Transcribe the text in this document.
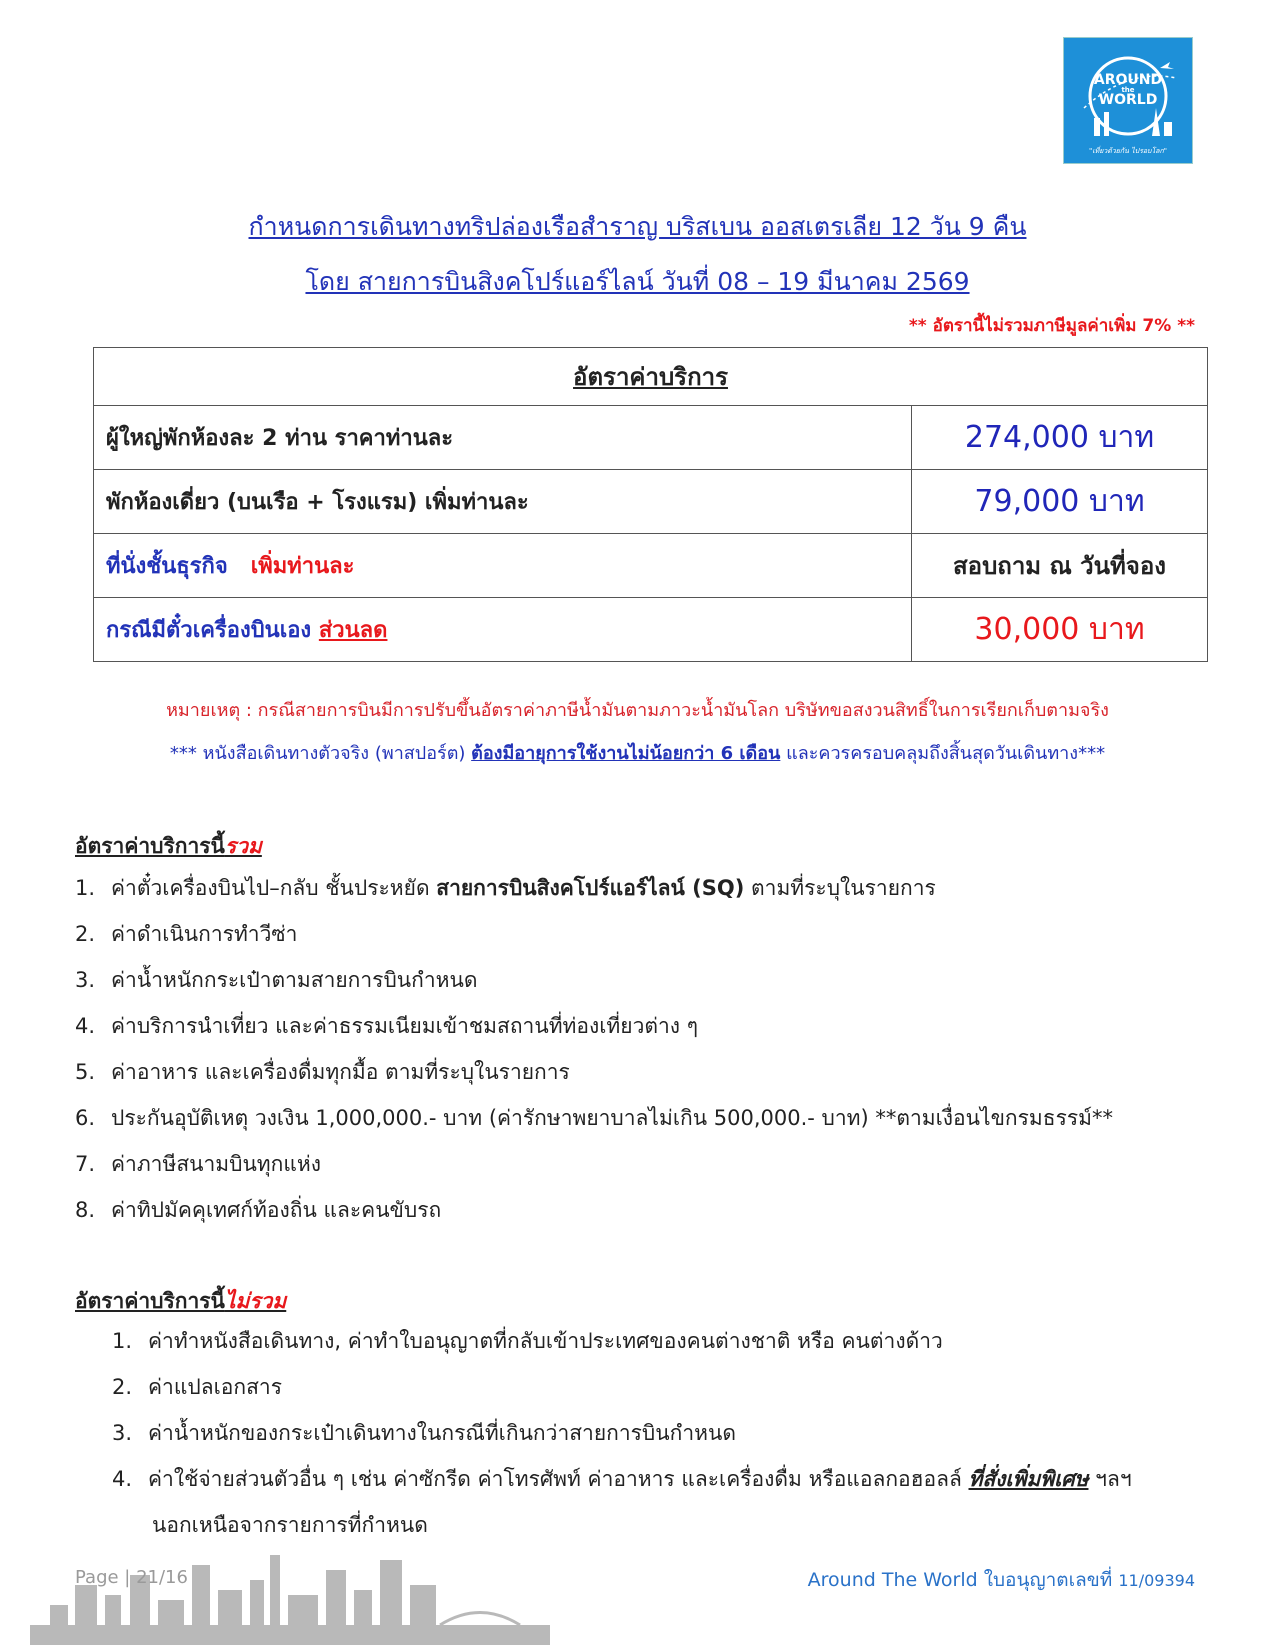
AROUND
the
WORLD
"เที่ยวด้วยกัน ไปรอบโลก"
กำหนดการเดินทางทริปล่องเรือสำราญ บริสเบน ออสเตรเลีย 12 วัน 9 คืน
โดย สายการบินสิงคโปร์แอร์ไลน์ วันที่ 08 – 19 มีนาคม 2569
** อัตรานี้ไม่รวมภาษีมูลค่าเพิ่ม 7% **
อัตราค่าบริการ	
ผู้ใหญ่พักห้องละ 2 ท่าน ราคาท่านละ	274,000 บาท
พักห้องเดี่ยว (บนเรือ + โรงแรม) เพิ่มท่านละ	79,000 บาท
ที่นั่งชั้นธุรกิจ เพิ่มท่านละ	สอบถาม ณ วันที่จอง
กรณีมีตั๋วเครื่องบินเอง ส่วนลด	30,000 บาท
หมายเหตุ : กรณีสายการบินมีการปรับขึ้นอัตราค่าภาษีน้ำมันตามภาวะน้ำมันโลก บริษัทขอสงวนสิทธิ์ในการเรียกเก็บตามจริง
*** หนังสือเดินทางตัวจริง (พาสปอร์ต) ต้องมีอายุการใช้งานไม่น้อยกว่า 6 เดือน และควรครอบคลุมถึงสิ้นสุดวันเดินทาง***
อัตราค่าบริการนี้รวม
1. ค่าตั๋วเครื่องบินไป–กลับ ชั้นประหยัด สายการบินสิงคโปร์แอร์ไลน์ (SQ) ตามที่ระบุในรายการ
2. ค่าดำเนินการทำวีซ่า
3. ค่าน้ำหนักกระเป๋าตามสายการบินกำหนด
4. ค่าบริการนำเที่ยว และค่าธรรมเนียมเข้าชมสถานที่ท่องเที่ยวต่าง ๆ
5. ค่าอาหาร และเครื่องดื่มทุกมื้อ ตามที่ระบุในรายการ
6. ประกันอุบัติเหตุ วงเงิน 1,000,000.- บาท (ค่ารักษาพยาบาลไม่เกิน 500,000.- บาท) **ตามเงื่อนไขกรมธรรม์**
7. ค่าภาษีสนามบินทุกแห่ง
8. ค่าทิปมัคคุเทศก์ท้องถิ่น และคนขับรถ
อัตราค่าบริการนี้ไม่รวม
1. ค่าทำหนังสือเดินทาง, ค่าทำใบอนุญาตที่กลับเข้าประเทศของคนต่างชาติ หรือ คนต่างด้าว
2. ค่าแปลเอกสาร
3. ค่าน้ำหนักของกระเป๋าเดินทางในกรณีที่เกินกว่าสายการบินกำหนด
4. ค่าใช้จ่ายส่วนตัวอื่น ๆ เช่น ค่าซักรีด ค่าโทรศัพท์ ค่าอาหาร และเครื่องดื่ม หรือแอลกอฮอลล์ ที่สั่งเพิ่มพิเศษ ฯลฯ
นอกเหนือจากรายการที่กำหนด
Page | 21/16	Around The World ใบอนุญาตเลขที่ 11/09394
